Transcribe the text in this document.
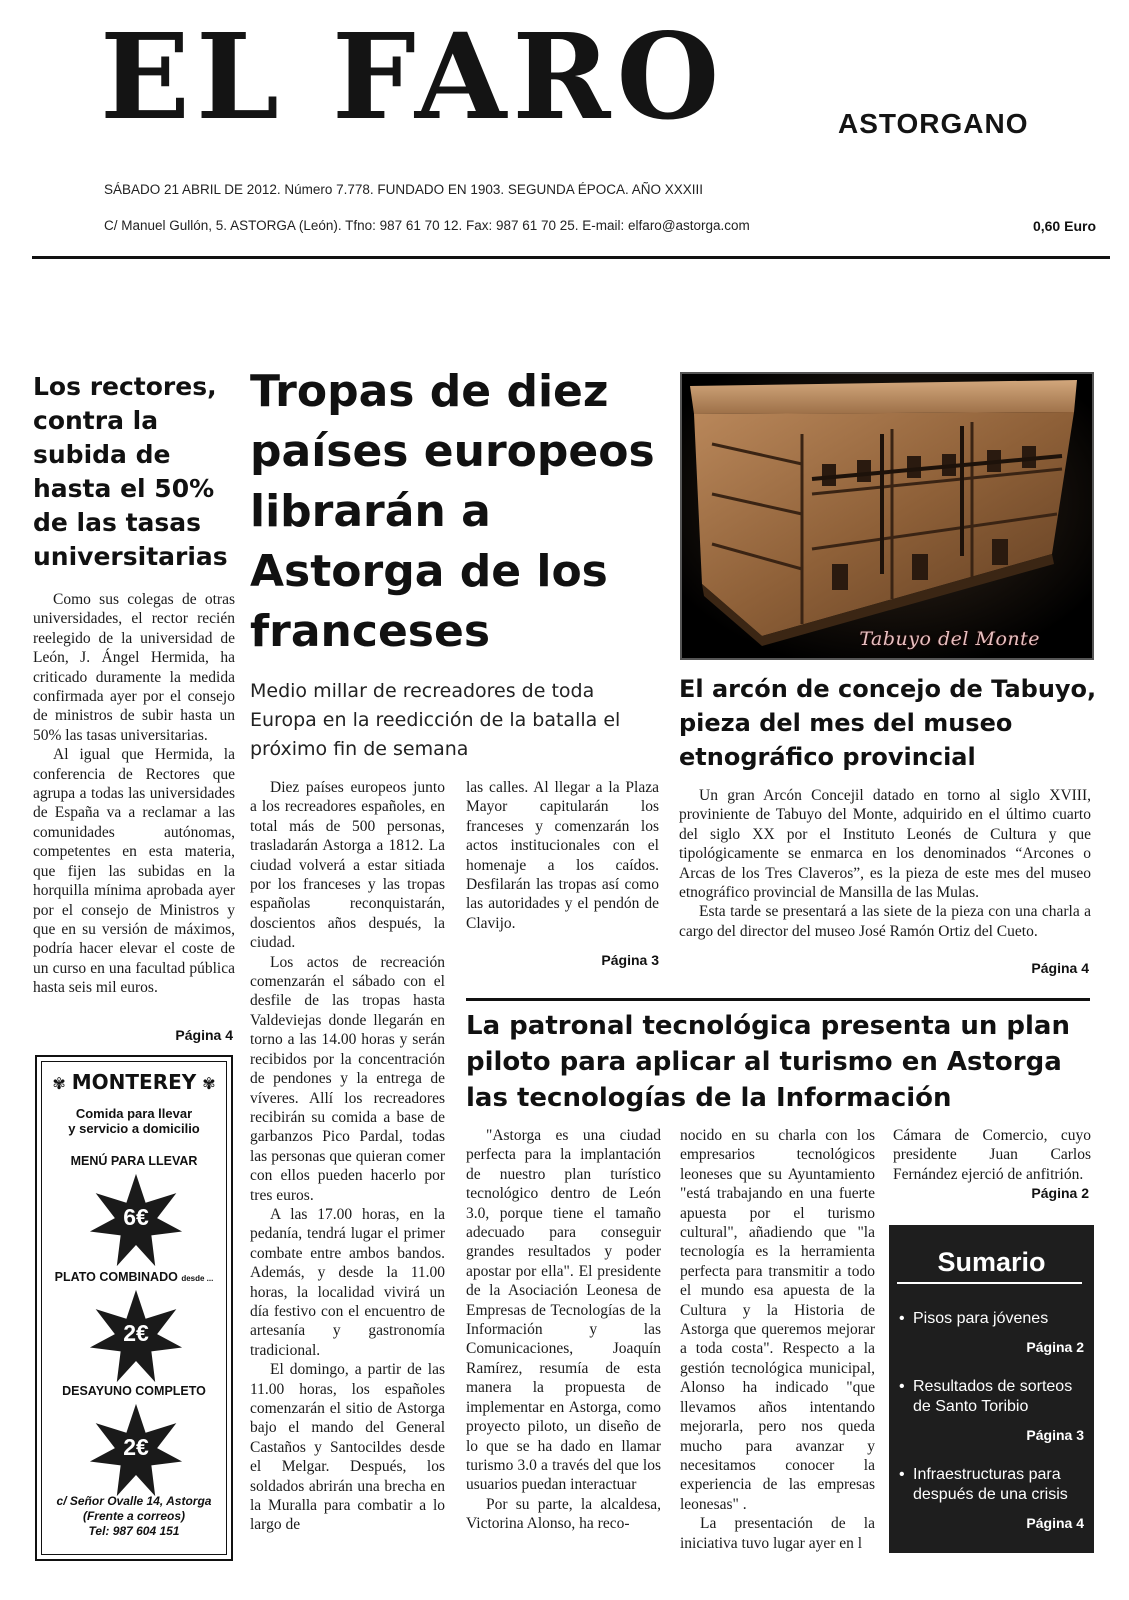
EL FARO	ASTORGANO
SÁBADO 21 ABRIL DE 2012. Número 7.778. FUNDADO EN 1903. SEGUNDA ÉPOCA. AÑO XXXIII
C/ Manuel Gullón, 5. ASTORGA (León). Tfno: 987 61 70 12. Fax: 987 61 70 25. E-mail: elfaro@astorga.com	0,60 Euro
Los rectores, contra la subida de hasta el 50% de las tasas universitarias

Como sus colegas de otras universidades, el rector recién reelegido de la universidad de León, J. Ángel Hermida, ha criticado duramente la medida confirmada ayer por el consejo de ministros de subir hasta un 50% las tasas universitarias.

Al igual que Hermida, la conferencia de Rectores que agrupa a todas las universidades de España va a reclamar a las comunidades autónomas, competentes en esta materia, que fijen las subidas en la horquilla mínima aprobada ayer por el consejo de Ministros y que en su versión de máximos, podría hacer elevar el coste de un curso en una facultad pública hasta seis mil euros.

Página 4
✾ MONTEREY ✾
Comida para llevar
y servicio a domicilio
MENÚ PARA LLEVAR
6€
PLATO COMBINADO desde ...
2€
DESAYUNO COMPLETO
2€
c/ Señor Ovalle 14, Astorga
(Frente a correos)
Tel: 987 604 151
Tropas de diez países europeos librarán a Astorga de los franceses
Medio millar de recreadores de toda Europa en la reedicción de la batalla el próximo fin de semana

Diez países europeos junto a los recreadores españoles, en total más de 500 personas, trasladarán Astorga a 1812. La ciudad volverá a estar sitiada por los franceses y las tropas españolas reconquistarán, doscientos años después, la ciudad.

Los actos de recreación comenzarán el sábado con el desfile de las tropas hasta Valdeviejas donde llegarán en torno a las 14.00 horas y serán recibidos por la concentración de pendones y la entrega de víveres. Allí los recreadores recibirán su comida a base de garbanzos Pico Pardal, todas las personas que quieran comer con ellos pueden hacerlo por tres euros.

A las 17.00 horas, en la pedanía, tendrá lugar el primer combate entre ambos bandos. Además, y desde la 11.00 horas, la localidad vivirá un día festivo con el encuentro de artesanía y gastronomía tradicional.

El domingo, a partir de las 11.00 horas, los españoles comenzarán el sitio de Astorga bajo el mando del General Castaños y Santocildes desde el Melgar. Después, los soldados abrirán una brecha en la Muralla para combatir a lo largo de

las calles. Al llegar a la Plaza Mayor capitularán los franceses y comenzarán los actos institucionales con el homenaje a los caídos. Desfilarán las tropas así como las autoridades y el pendón de Clavijo.

Página 3
Tabuyo del Monte
El arcón de concejo de Tabuyo, pieza del mes del museo etnográfico provincial

Un gran Arcón Concejil datado en torno al siglo XVIII, proviniente de Tabuyo del Monte, adquirido en el último cuarto del siglo XX por el Instituto Leonés de Cultura y que tipológicamente se enmarca en los denominados “Arcones o Arcas de los Tres Claveros”, es la pieza de este mes del museo etnográfico provincial de Mansilla de las Mulas.

Esta tarde se presentará a las siete de la pieza con una charla a cargo del director del museo José Ramón Ortiz del Cueto.

Página 4
La patronal tecnológica presenta un plan piloto para aplicar al turismo en Astorga las tecnologías de la Información

"Astorga es una ciudad perfecta para la implantación de nuestro plan turístico tecnológico dentro de León 3.0, porque tiene el tamaño adecuado para conseguir grandes resultados y poder apostar por ella". El presidente de la Asociación Leonesa de Empresas de Tecnologías de la Información y las Comunicaciones, Joaquín Ramírez, resumía de esta manera la propuesta de implementar en Astorga, como proyecto piloto, un diseño de lo que se ha dado en llamar turismo 3.0 a través del que los usuarios puedan interactuar

Por su parte, la alcaldesa, Victorina Alonso, ha reco-

nocido en su charla con los empresarios tecnológicos leoneses que su Ayuntamiento "está trabajando en una fuerte apuesta por el turismo cultural", añadiendo que "la tecnología es la herramienta perfecta para transmitir a todo el mundo esa apuesta de la Cultura y la Historia de Astorga que queremos mejorar a toda costa". Respecto a la gestión tecnológica municipal, Alonso ha indicado "que llevamos años intentando mejorarla, pero nos queda mucho para avanzar y necesitamos conocer la experiencia de las empresas leonesas" .

La presentación de la iniciativa tuvo lugar ayer en l

Cámara de Comercio, cuyo presidente Juan Carlos Fernández ejerció de anfitrión.

Página 2
Sumario
• Pisos para jóvenes
Página 2
• Resultados de sorteos de Santo Toribio
Página 3
• Infraestructuras para después de una crisis
Página 4
